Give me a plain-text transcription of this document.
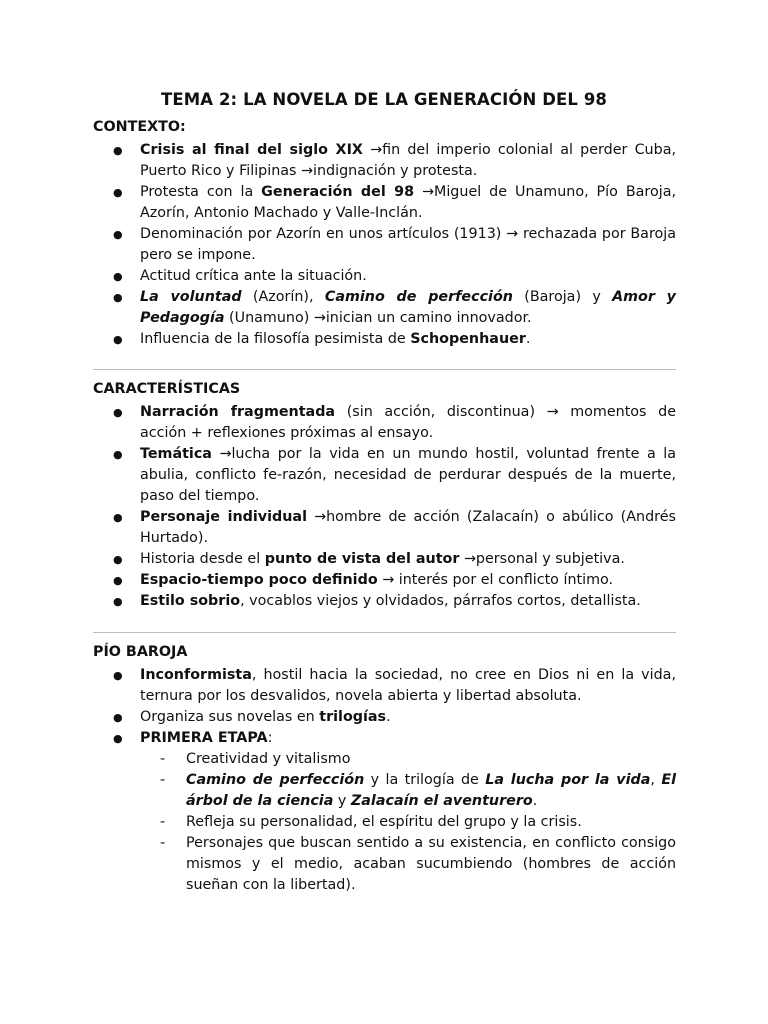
TEMA 2: LA NOVELA DE LA GENERACIÓN DEL 98
CONTEXTO:
● Crisis al final del siglo XIX →fin del imperio colonial al perder Cuba, Puerto Rico y Filipinas →indignación y protesta.
● Protesta con la Generación del 98 →Miguel de Unamuno, Pío Baroja, Azorín, Antonio Machado y Valle-Inclán.
● Denominación por Azorín en unos artículos (1913) → rechazada por Baroja pero se impone.
● Actitud crítica ante la situación.
● La voluntad (Azorín), Camino de perfección (Baroja) y Amor y Pedagogía (Unamuno) →inician un camino innovador.
● Influencia de la filosofía pesimista de Schopenhauer.
CARACTERÍSTICAS
● Narración fragmentada (sin acción, discontinua) → momentos de acción + reflexiones próximas al ensayo.
● Temática →lucha por la vida en un mundo hostil, voluntad frente a la abulia, conflicto fe-razón, necesidad de perdurar después de la muerte, paso del tiempo.
● Personaje individual →hombre de acción (Zalacaín) o abúlico (Andrés Hurtado).
● Historia desde el punto de vista del autor →personal y subjetiva.
● Espacio-tiempo poco definido → interés por el conflicto íntimo.
● Estilo sobrio, vocablos viejos y olvidados, párrafos cortos, detallista.
PÍO BAROJA
● Inconformista, hostil hacia la sociedad, no cree en Dios ni en la vida, ternura por los desvalidos, novela abierta y libertad absoluta.
● Organiza sus novelas en trilogías.
● PRIMERA ETAPA:
- Creatividad y vitalismo
- Camino de perfección y la trilogía de La lucha por la vida, El árbol de la ciencia y Zalacaín el aventurero.
- Refleja su personalidad, el espíritu del grupo y la crisis.
- Personajes que buscan sentido a su existencia, en conflicto consigo mismos y el medio, acaban sucumbiendo (hombres de acción sueñan con la libertad).
